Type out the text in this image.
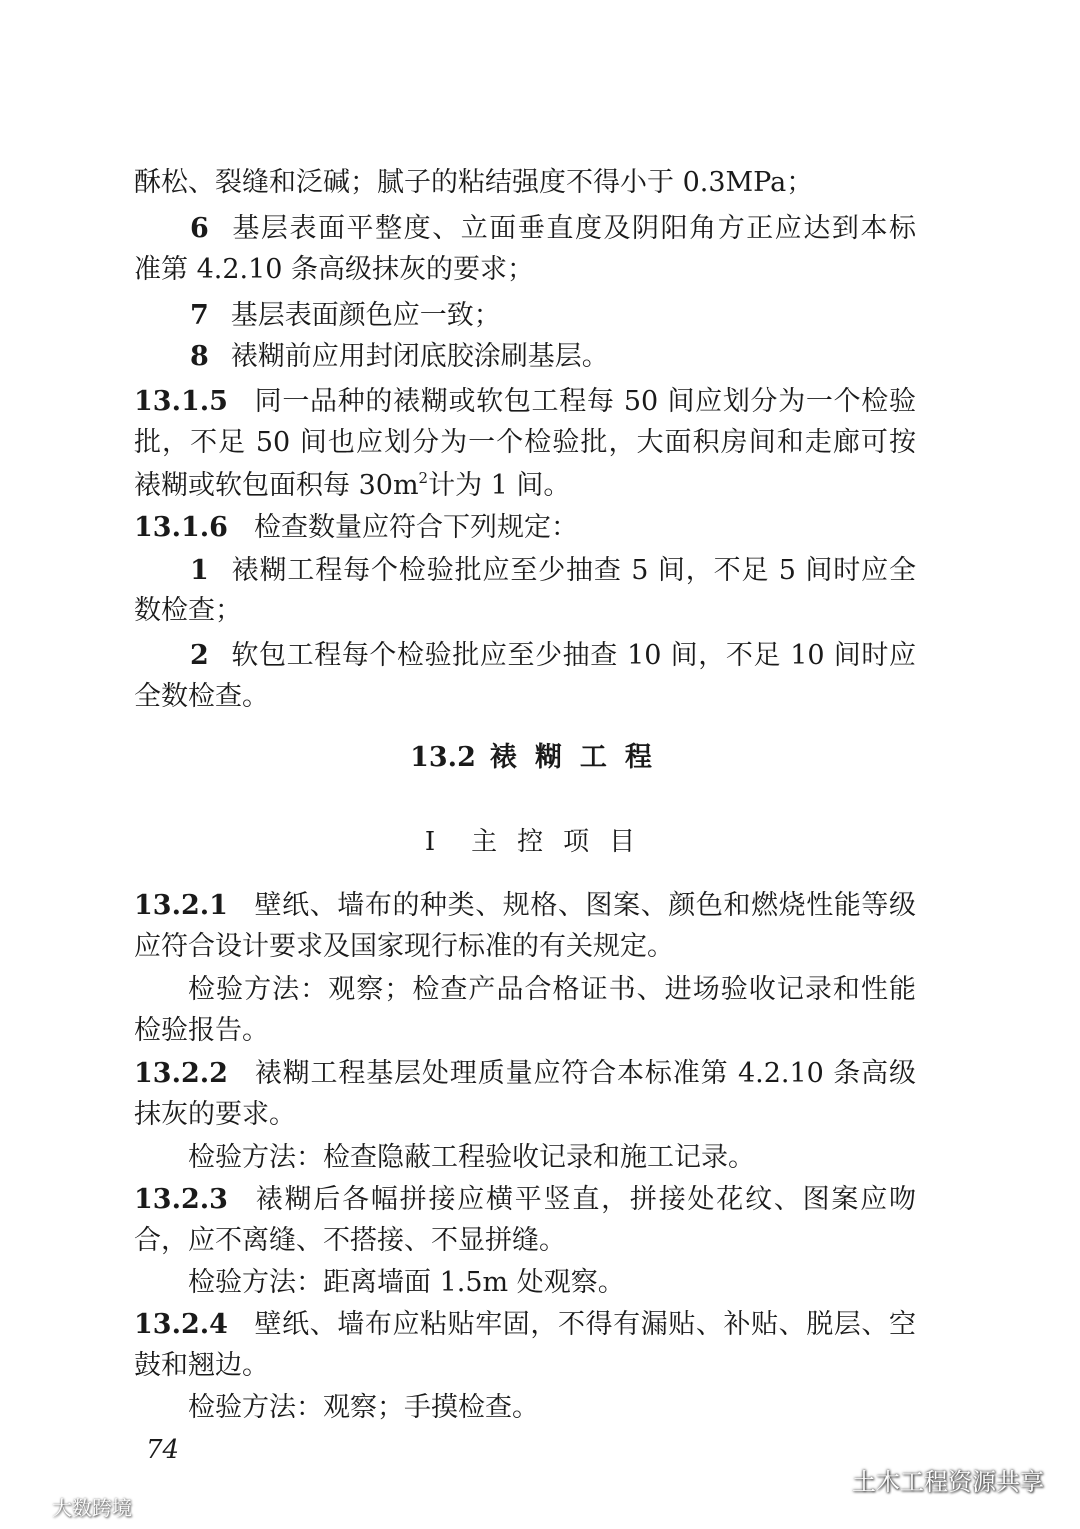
酥松、裂缝和泛碱；腻子的粘结强度不得小于 0.3MPa；
6 基层表面平整度、立面垂直度及阴阳角方正应达到本标
准第 4.2.10 条高级抹灰的要求；
7 基层表面颜色应一致；
8 裱糊前应用封闭底胶涂刷基层。
13.1.5 同一品种的裱糊或软包工程每 50 间应划分为一个检验
批，不足 50 间也应划分为一个检验批，大面积房间和走廊可按
裱糊或软包面积每 $30m^2$计为 1 间。
13.1.6 检查数量应符合下列规定：
1 裱糊工程每个检验批应至少抽查 5 间，不足 5 间时应全
数检查；
2 软包工程每个检验批应至少抽查 10 间，不足 10 间时应
全数检查。
13.2 裱糊工程
Ⅰ 主控项目
13.2.1 壁纸、墙布的种类、规格、图案、颜色和燃烧性能等级
应符合设计要求及国家现行标准的有关规定。
检验方法：观察；检查产品合格证书、进场验收记录和性能
检验报告。
13.2.2 裱糊工程基层处理质量应符合本标准第 4.2.10 条高级
抹灰的要求。
检验方法：检查隐蔽工程验收记录和施工记录。
13.2.3 裱糊后各幅拼接应横平竖直，拼接处花纹、图案应吻
合，应不离缝、不搭接、不显拼缝。
检验方法：距离墙面 1.5m 处观察。
13.2.4 壁纸、墙布应粘贴牢固，不得有漏贴、补贴、脱层、空
鼓和翘边。
检验方法：观察；手摸检查。
74
土木工程资源共享
大数跨境
